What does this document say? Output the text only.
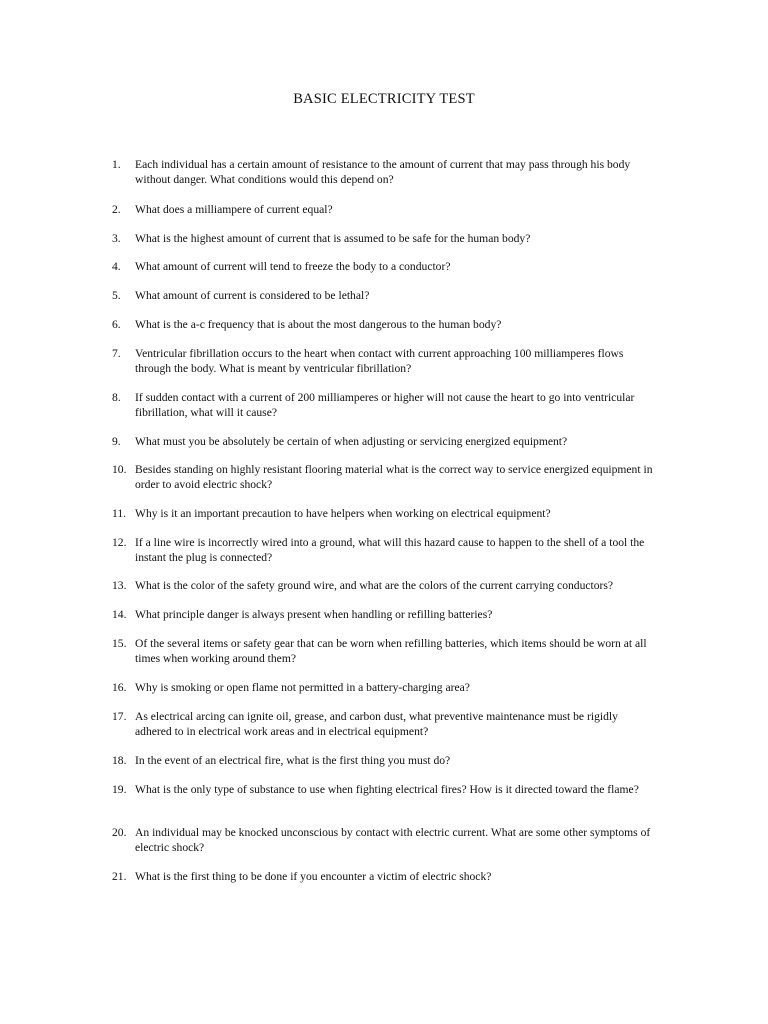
BASIC ELECTRICITY TEST
1.	Each individual has a certain amount of resistance to the amount of current that may pass through his body without danger. What conditions would this depend on?
2.	What does a milliampere of current equal?
3.	What is the highest amount of current that is assumed to be safe for the human body?
4.	What amount of current will tend to freeze the body to a conductor?
5.	What amount of current is considered to be lethal?
6.	What is the a-c frequency that is about the most dangerous to the human body?
7.	Ventricular fibrillation occurs to the heart when contact with current approaching 100 milliamperes flows through the body. What is meant by ventricular fibrillation?
8.	If sudden contact with a current of 200 milliamperes or higher will not cause the heart to go into ventricular fibrillation, what will it cause?
9.	What must you be absolutely be certain of when adjusting or servicing energized equipment?
10. Besides standing on highly resistant flooring material what is the correct way to service energized equipment in order to avoid electric shock?
11. Why is it an important precaution to have helpers when working on electrical equipment?
12. If a line wire is incorrectly wired into a ground, what will this hazard cause to happen to the shell of a tool the instant the plug is connected?
13. What is the color of the safety ground wire, and what are the colors of the current carrying conductors?
14. What principle danger is always present when handling or refilling batteries?
15. Of the several items or safety gear that can be worn when refilling batteries, which items should be worn at all times when working around them?
16. Why is smoking or open flame not permitted in a battery-charging area?
17. As electrical arcing can ignite oil, grease, and carbon dust, what preventive maintenance must be rigidly adhered to in electrical work areas and in electrical equipment?
18. In the event of an electrical fire, what is the first thing you must do?
19. What is the only type of substance to use when fighting electrical fires? How is it directed toward the flame?
20. An individual may be knocked unconscious by contact with electric current. What are some other symptoms of electric shock?
21. What is the first thing to be done if you encounter a victim of electric shock?
